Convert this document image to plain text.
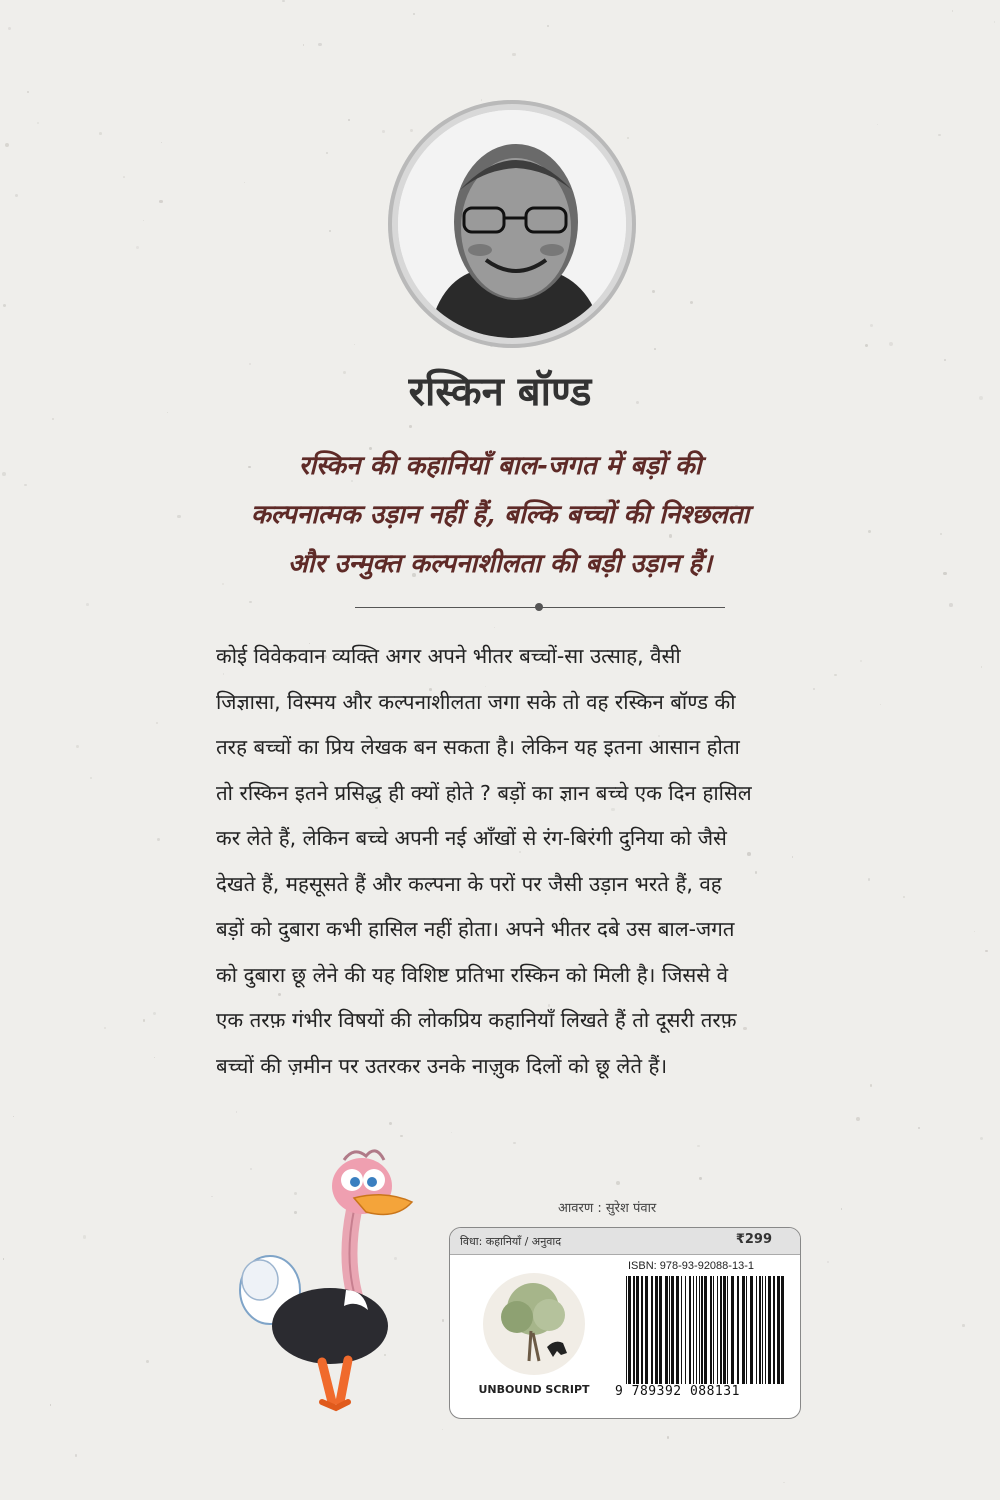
रस्किन बॉण्ड
रस्किन की कहानियाँ बाल-जगत में बड़ों की
कल्पनात्मक उड़ान नहीं हैं, बल्कि बच्चों की निश्छलता
और उन्मुक्त कल्पनाशीलता की बड़ी उड़ान हैं।
कोई विवेकवान व्यक्ति अगर अपने भीतर बच्चों-सा उत्साह, वैसी
जिज्ञासा, विस्मय और कल्पनाशीलता जगा सके तो वह रस्किन बॉण्ड की
तरह बच्चों का प्रिय लेखक बन सकता है। लेकिन यह इतना आसान होता
तो रस्किन इतने प्रसिद्ध ही क्यों होते ? बड़ों का ज्ञान बच्चे एक दिन हासिल
कर लेते हैं, लेकिन बच्चे अपनी नई आँखों से रंग-बिरंगी दुनिया को जैसे
देखते हैं, महसूसते हैं और कल्पना के परों पर जैसी उड़ान भरते हैं, वह
बड़ों को दुबारा कभी हासिल नहीं होता। अपने भीतर दबे उस बाल-जगत
को दुबारा छू लेने की यह विशिष्ट प्रतिभा रस्किन को मिली है। जिससे वे
एक तरफ़ गंभीर विषयों की लोकप्रिय कहानियाँ लिखते हैं तो दूसरी तरफ़
बच्चों की ज़मीन पर उतरकर उनके नाज़ुक दिलों को छू लेते हैं।
आवरण : सुरेश पंवार
विधा: कहानियाँ / अनुवाद	₹299
UNBOUND SCRIPT
ISBN: 978-93-92088-13-1
9 789392 088131
